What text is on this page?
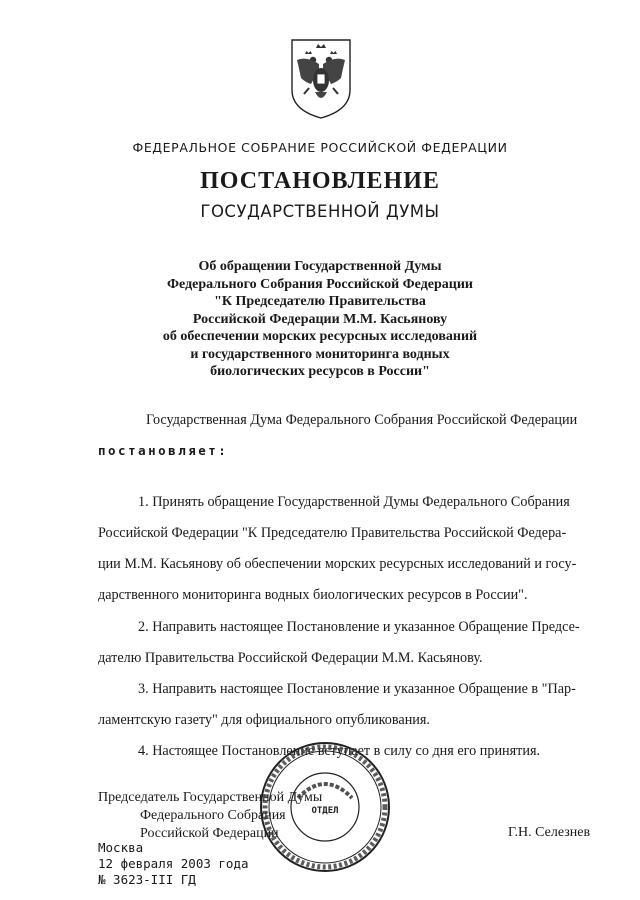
ФЕДЕРАЛЬНОЕ СОБРАНИЕ РОССИЙСКОЙ ФЕДЕРАЦИИ
ПОСТАНОВЛЕНИЕ
ГОСУДАРСТВЕННОЙ ДУМЫ
Об обращении Государственной Думы
Федерального Собрания Российской Федерации
"К Председателю Правительства
Российской Федерации М.М. Касьянову
об обеспечении морских ресурсных исследований
и государственного мониторинга водных
биологических ресурсов в России"
Государственная Дума Федерального Собрания Российской Федерации
постановляет:
1. Принять обращение Государственной Думы Федерального Собрания
Российской Федерации "К Председателю Правительства Российской Федера-
ции М.М. Касьянову об обеспечении морских ресурсных исследований и госу-
дарственного мониторинга водных биологических ресурсов в России".
2. Направить настоящее Постановление и указанное Обращение Предсе-
дателю Правительства Российской Федерации М.М. Касьянову.
3. Направить настоящее Постановление и указанное Обращение в "Пар-
ламентскую газету" для официального опубликования.
4. Настоящее Постановление вступает в силу со дня его принятия.
Председатель Государственной Думы
Федерального Собрания
Российской Федерации	Г.Н. Селезнев
Москва
12 февраля 2003 года
№ 3623-III ГД
ОТДЕЛ
